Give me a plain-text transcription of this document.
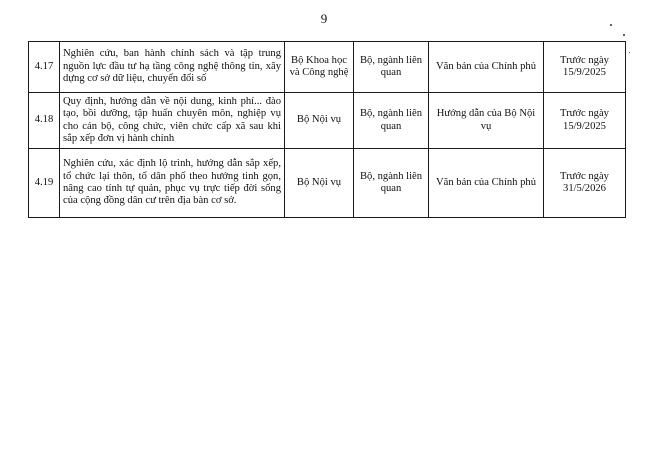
9
4.17	Nghiên cứu, ban hành chính sách và tập trung nguồn lực đầu tư hạ tầng công nghệ thông tin, xây dựng cơ sở dữ liệu, chuyển đổi số	Bộ Khoa học và Công nghệ	Bộ, ngành liên quan	Văn bản của Chính phủ	Trước ngày 15/9/2025
4.18	Quy định, hướng dẫn về nội dung, kinh phí... đào tạo, bồi dưỡng, tập huấn chuyên môn, nghiệp vụ cho cán bộ, công chức, viên chức cấp xã sau khi sắp xếp đơn vị hành chính	Bộ Nội vụ	Bộ, ngành liên quan	Hướng dẫn của Bộ Nội vụ	Trước ngày 15/9/2025
4.19	Nghiên cứu, xác định lộ trình, hướng dẫn sắp xếp, tổ chức lại thôn, tổ dân phố theo hướng tinh gọn, nâng cao tính tự quản, phục vụ trực tiếp đời sống của cộng đồng dân cư trên địa bàn cơ sở.	Bộ Nội vụ	Bộ, ngành liên quan	Văn bản của Chính phủ	Trước ngày 31/5/2026
